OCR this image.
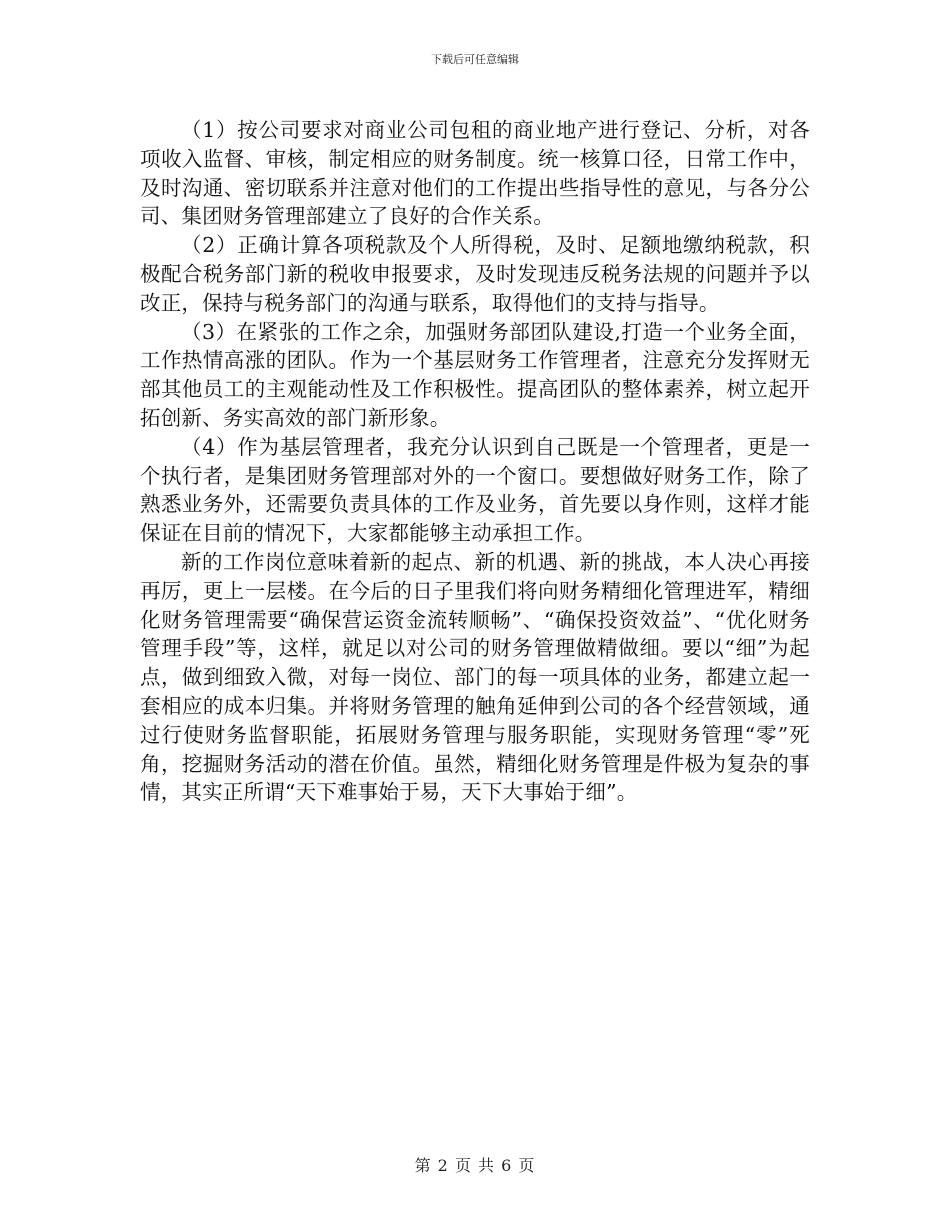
下载后可任意编辑

（1）按公司要求对商业公司包租的商业地产进行登记、分析，对各项收入监督、审核，制定相应的财务制度。统一核算口径，日常工作中，及时沟通、密切联系并注意对他们的工作提出些指导性的意见，与各分公司、集团财务管理部建立了良好的合作关系。

（2）正确计算各项税款及个人所得税，及时、足额地缴纳税款，积极配合税务部门新的税收申报要求，及时发现违反税务法规的问题并予以改正，保持与税务部门的沟通与联系，取得他们的支持与指导。

（3）在紧张的工作之余，加强财务部团队建设,打造一个业务全面，工作热情高涨的团队。作为一个基层财务工作管理者，注意充分发挥财无部其他员工的主观能动性及工作积极性。提高团队的整体素养，树立起开拓创新、务实高效的部门新形象。

（4）作为基层管理者，我充分认识到自己既是一个管理者，更是一个执行者，是集团财务管理部对外的一个窗口。要想做好财务工作，除了熟悉业务外，还需要负责具体的工作及业务，首先要以身作则，这样才能保证在目前的情况下，大家都能够主动承担工作。

新的工作岗位意味着新的起点、新的机遇、新的挑战，本人决心再接再厉，更上一层楼。在今后的日子里我们将向财务精细化管理进军，精细化财务管理需要“确保营运资金流转顺畅”、“确保投资效益”、“优化财务管理手段”等，这样，就足以对公司的财务管理做精做细。要以“细”为起点，做到细致入微，对每一岗位、部门的每一项具体的业务，都建立起一套相应的成本归集。并将财务管理的触角延伸到公司的各个经营领域，通过行使财务监督职能，拓展财务管理与服务职能，实现财务管理“零”死角，挖掘财务活动的潜在价值。虽然，精细化财务管理是件极为复杂的事情，其实正所谓“天下难事始于易，天下大事始于细”。

第 2 页 共 6 页
